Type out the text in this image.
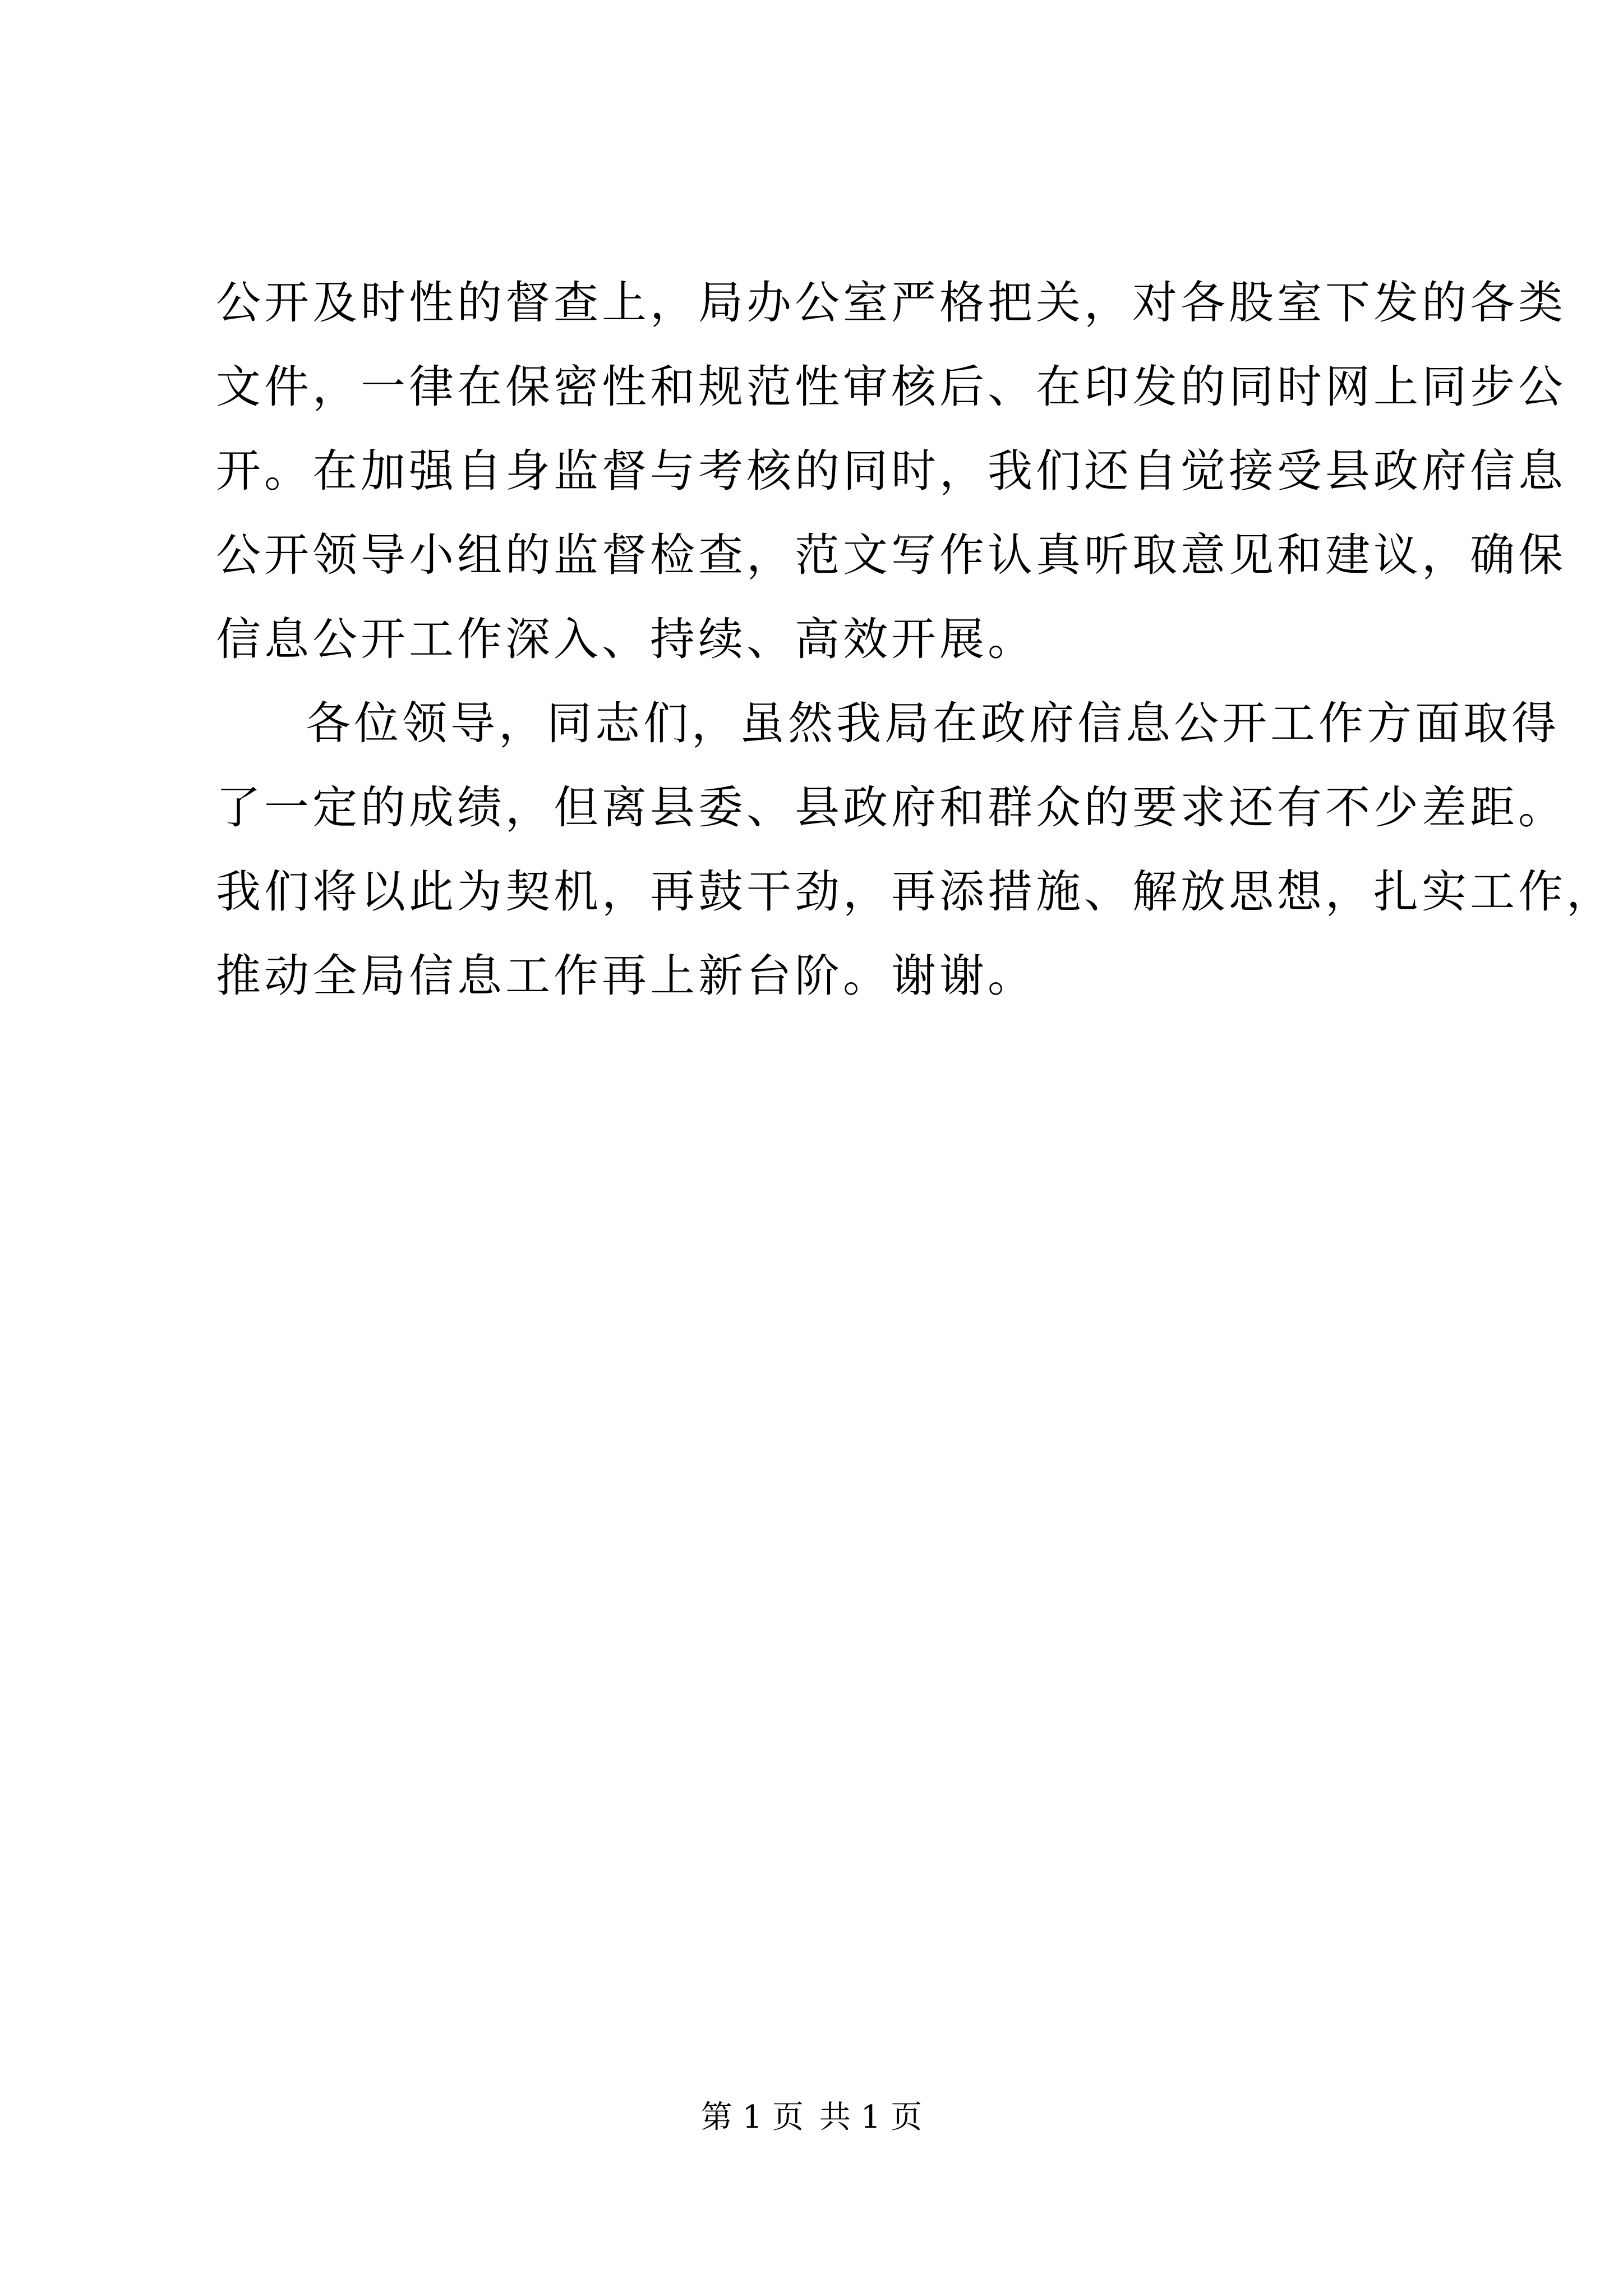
公开及时性的督查上，局办公室严格把关，对各股室下发的各类
文件，一律在保密性和规范性审核后、在印发的同时网上同步公
开。在加强自身监督与考核的同时，我们还自觉接受县政府信息
公开领导小组的监督检查，范文写作认真听取意见和建议，确保
信息公开工作深入、持续、高效开展。
各位领导，同志们，虽然我局在政府信息公开工作方面取得
了一定的成绩，但离县委、县政府和群众的要求还有不少差距。
我们将以此为契机，再鼓干劲，再添措施、解放思想，扎实工作，
推动全局信息工作再上新台阶。谢谢。
第 1 页 共 1 页
